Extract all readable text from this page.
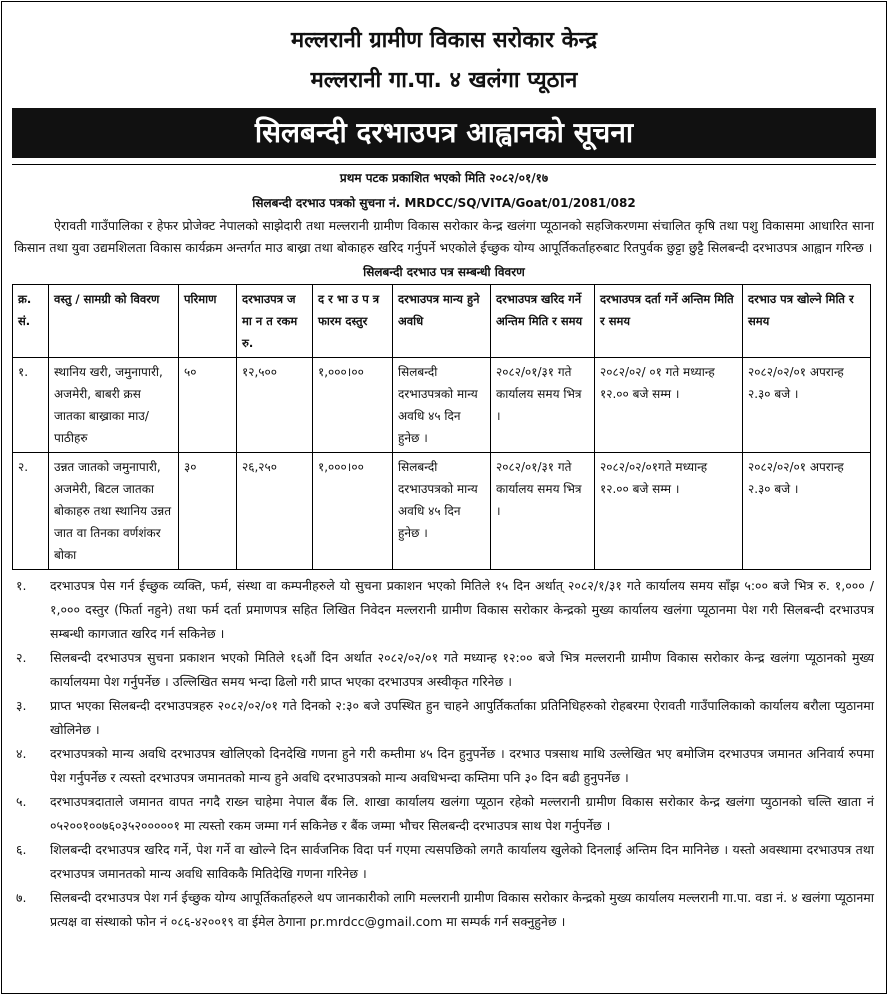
मल्लरानी ग्रामीण विकास सरोकार केन्द्र
मल्लरानी गा.पा. ४ खलंगा प्यूठान
सिलबन्दी दरभाउपत्र आह्वानको सूचना
प्रथम पटक प्रकाशित भएको मिति २०८२/०१/१७
सिलबन्दी दरभाउ पत्रको सुचना नं. MRDCC/SQ/VITA/Goat/01/2081/082
ऐरावती गाउँपालिका र हेफर प्रोजेक्ट नेपालको साझेदारी तथा मल्लरानी ग्रामीण विकास सरोकार केन्द्र खलंगा प्यूठानको सहजिकरणमा संचालित कृषि तथा पशु विकासमा आधारित साना किसान तथा युवा उद्यमशिलता विकास कार्यक्रम अन्तर्गत माउ बाख्रा तथा बोकाहरु खरिद गर्नुपर्ने भएकोले ईच्छुक योग्य आपूर्तिकर्ताहरुबाट रितपुर्वक छुट्टा छुट्टै सिलबन्दी दरभाउपत्र आह्वान गरिन्छ ।
सिलबन्दी दरभाउ पत्र सम्बन्धी विवरण
क्र. सं.	वस्तु / सामग्री को विवरण	परिमाण	दरभाउपत्र ज मा न त रकम रु.	द र भा उ प त्र फारम दस्तुर	दरभाउपत्र मान्य हुने अवधि	दरभाउपत्र खरिद गर्ने अन्तिम मिति र समय	दरभाउपत्र दर्ता गर्ने अन्तिम मिति र समय	दरभाउ पत्र खोल्ने मिति र समय
१.	स्थानिय खरी, जमुनापारी, अजमेरी, बाबरी क्रस जातका बाख्राका माउ/ पाठीहरु	५०	१२,५००	१,०००।००	सिलबन्दी दरभाउपत्रको मान्य अवधि ४५ दिन हुनेछ ।	२०८२/०१/३१ गते कार्यालय समय भित्र ।	२०८२/०२/ ०१ गते मध्यान्ह १२.०० बजे सम्म ।	२०८२/०२/०१ अपरान्ह २.३० बजे ।
२.	उन्नत जातको जमुनापारी, अजमेरी, बिटल जातका बोकाहरु तथा स्थानिय उन्नत जात वा तिनका वर्णशंकर बोका	३०	२६,२५०	१,०००।००	सिलबन्दी दरभाउपत्रको मान्य अवधि ४५ दिन हुनेछ ।	२०८२/०१/३१ गते कार्यालय समय भित्र ।	२०८२/०२/०१गते मध्यान्ह १२.०० बजे सम्म ।	२०८२/०२/०१ अपरान्ह २.३० बजे ।
१.	दरभाउपत्र पेस गर्न ईच्छुक व्यक्ति, फर्म, संस्था वा कम्पनीहरुले यो सुचना प्रकाशन भएको मितिले १५ दिन अर्थात् २०८२/१/३१ गते कार्यालय समय साँझ ५:०० बजे भित्र रु. १,००० / १,००० दस्तुर (फिर्ता नहुने) तथा फर्म दर्ता प्रमाणपत्र सहित लिखित निवेदन मल्लरानी ग्रामीण विकास सरोकार केन्द्रको मुख्य कार्यालय खलंगा प्यूठानमा पेश गरी सिलबन्दी दरभाउपत्र सम्बन्धी कागजात खरिद गर्न सकिनेछ ।
२.	सिलबन्दी दरभाउपत्र सुचना प्रकाशन भएको मितिले १६औं दिन अर्थात २०८२/०२/०१ गते मध्यान्ह १२:०० बजे भित्र मल्लरानी ग्रामीण विकास सरोकार केन्द्र खलंगा प्यूठानको मुख्य कार्यालयमा पेश गर्नुपर्नेछ । उल्लिखित समय भन्दा ढिलो गरी प्राप्त भएका दरभाउपत्र अस्वीकृत गरिनेछ ।
३.	प्राप्त भएका सिलबन्दी दरभाउपत्रहरु २०८२/०२/०१ गते दिनको २:३० बजे उपस्थित हुन चाहने आपुर्तिकर्ताका प्रतिनिधिहरुको रोहबरमा ऐरावती गाउँपालिकाको कार्यालय बरौला प्युठानमा खोलिनेछ ।
४.	दरभाउपत्रको मान्य अवधि दरभाउपत्र खोलिएको दिनदेखि गणना हुने गरी कम्तीमा ४५ दिन हुनुपर्नेछ । दरभाउ पत्रसाथ माथि उल्लेखित भए बमोजिम दरभाउपत्र जमानत अनिवार्य रुपमा पेश गर्नुपर्नेछ र त्यस्तो दरभाउपत्र जमानतको मान्य हुने अवधि दरभाउपत्रको मान्य अवधिभन्दा कम्तिमा पनि ३० दिन बढी हुनुपर्नेछ ।
५.	दरभाउपत्रदाताले जमानत वापत नगदै राख्न चाहेमा नेपाल बैंक लि. शाखा कार्यालय खलंगा प्यूठान रहेको मल्लरानी ग्रामीण विकास सरोकार केन्द्र खलंगा प्युठानको चल्ति खाता नं ०५२००१००७६०३५२०००००१ मा त्यस्तो रकम जम्मा गर्न सकिनेछ र बैंक जम्मा भौचर सिलबन्दी दरभाउपत्र साथ पेश गर्नुपर्नेछ ।
६.	शिलबन्दी दरभाउपत्र खरिद गर्ने, पेश गर्ने वा खोल्ने दिन सार्वजनिक विदा पर्न गएमा त्यसपछिको लगतै कार्यालय खुलेको दिनलाई अन्तिम दिन मानिनेछ । यस्तो अवस्थामा दरभाउपत्र तथा दरभाउपत्र जमानतको मान्य अवधि साविककै मितिदेखि गणना गरिनेछ ।
७.	सिलबन्दी दरभाउपत्र पेश गर्न ईच्छुक योग्य आपूर्तिकर्ताहरुले थप जानकारीको लागि मल्लरानी ग्रामीण विकास सरोकार केन्द्रको मुख्य कार्यालय मल्लरानी गा.पा. वडा नं. ४ खलंगा प्यूठानमा प्रत्यक्ष वा संस्थाको फोन नं ०८६-४२००१९ वा ईमेल ठेगाना pr.mrdcc@gmail.com मा सम्पर्क गर्न सक्नुहुनेछ ।
